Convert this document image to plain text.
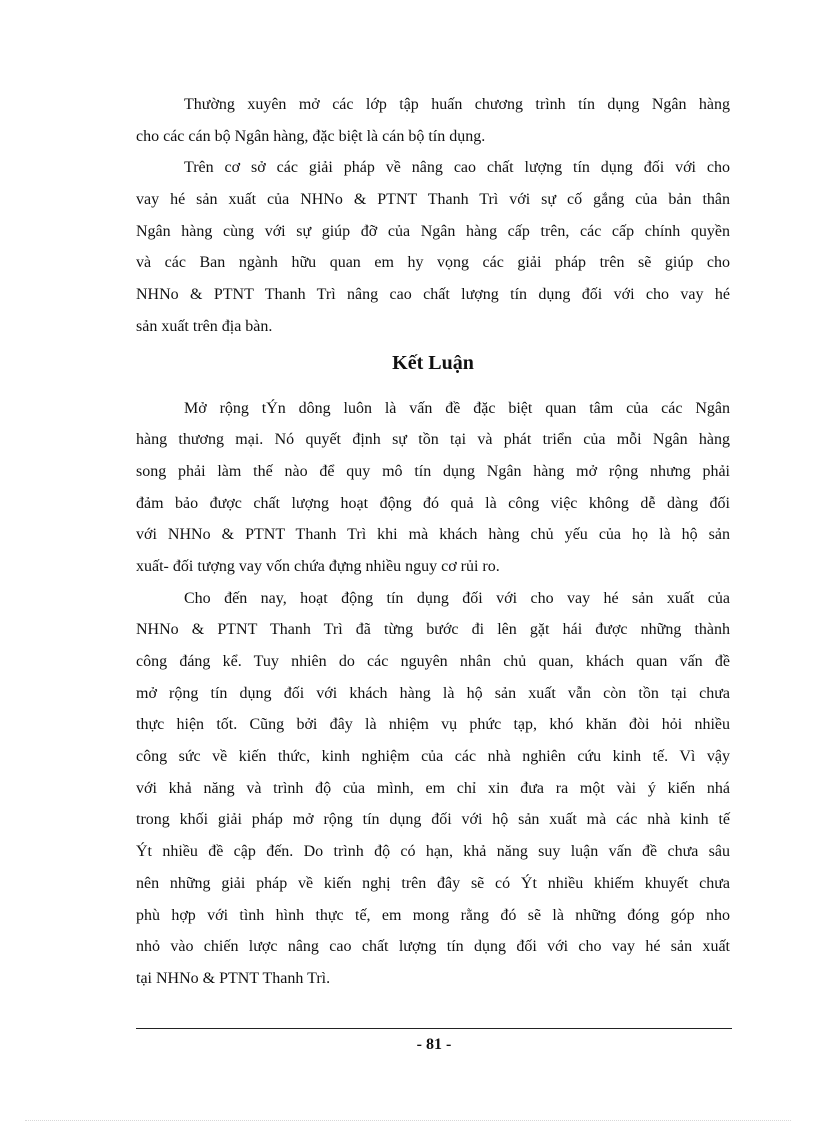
Thường xuyên mở các lớp tập huấn chương trình tín dụng Ngân hàng
cho các cán bộ Ngân hàng, đặc biệt là cán bộ tín dụng.
Trên cơ sở các giải pháp về nâng cao chất lượng tín dụng đối với cho
vay hé sản xuất của NHNo & PTNT Thanh Trì với sự cố gắng của bản thân
Ngân hàng cùng với sự giúp đỡ của Ngân hàng cấp trên, các cấp chính quyền
và các Ban ngành hữu quan em hy vọng các giải pháp trên sẽ giúp cho
NHNo & PTNT Thanh Trì nâng cao chất lượng tín dụng đối với cho vay hé
sản xuất trên địa bàn.
Kết Luận
Mở rộng tÝn dông luôn là vấn đề đặc biệt quan tâm của các Ngân
hàng thương mại. Nó quyết định sự tồn tại và phát triển của mỗi Ngân hàng
song phải làm thế nào để quy mô tín dụng Ngân hàng mở rộng nhưng phải
đảm bảo được chất lượng hoạt động đó quả là công việc không dễ dàng đối
với NHNo & PTNT Thanh Trì khi mà khách hàng chủ yếu của họ là hộ sản
xuất- đối tượng vay vốn chứa đựng nhiều nguy cơ rủi ro.
Cho đến nay, hoạt động tín dụng đối với cho vay hé sản xuất của
NHNo & PTNT Thanh Trì đã từng bước đi lên gặt hái được những thành
công đáng kể. Tuy nhiên do các nguyên nhân chủ quan, khách quan vấn đề
mở rộng tín dụng đối với khách hàng là hộ sản xuất vẫn còn tồn tại chưa
thực hiện tốt. Cũng bởi đây là nhiệm vụ phức tạp, khó khăn đòi hỏi nhiều
công sức về kiến thức, kinh nghiệm của các nhà nghiên cứu kinh tế. Vì vậy
với khả năng và trình độ của mình, em chỉ xin đưa ra một vài ý kiến nhá
trong khối giải pháp mở rộng tín dụng đối với hộ sản xuất mà các nhà kinh tế
Ýt nhiều đề cập đến. Do trình độ có hạn, khả năng suy luận vấn đề chưa sâu
nên những giải pháp về kiến nghị trên đây sẽ có Ýt nhiều khiếm khuyết chưa
phù hợp với tình hình thực tế, em mong rằng đó sẽ là những đóng góp nho
nhỏ vào chiến lược nâng cao chất lượng tín dụng đối với cho vay hé sản xuất
tại NHNo & PTNT Thanh Trì.
- 81 -
